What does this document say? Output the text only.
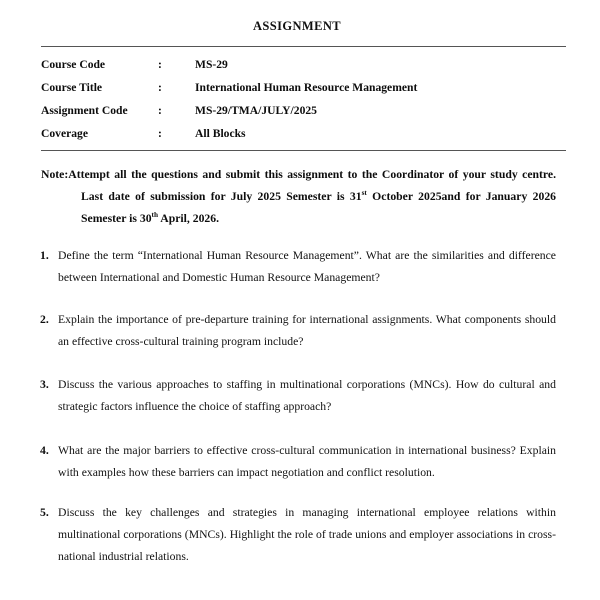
ASSIGNMENT
Course Code	:	MS-29
Course Title	:	International Human Resource Management
Assignment Code	:	MS-29/TMA/JULY/2025
Coverage	:	All Blocks
Note:Attempt all the questions and submit this assignment to the Coordinator of your study centre. Last date of submission for July 2025 Semester is 31st October 2025and for January 2026 Semester is 30th April, 2026.
1. Define the term “International Human Resource Management”. What are the similarities and difference between International and Domestic Human Resource Management?
2. Explain the importance of pre-departure training for international assignments. What components should an effective cross-cultural training program include?
3. Discuss the various approaches to staffing in multinational corporations (MNCs). How do cultural and strategic factors influence the choice of staffing approach?
4. What are the major barriers to effective cross-cultural communication in international business? Explain with examples how these barriers can impact negotiation and conflict resolution.
5. Discuss the key challenges and strategies in managing international employee relations within multinational corporations (MNCs). Highlight the role of trade unions and employer associations in cross-national industrial relations.
